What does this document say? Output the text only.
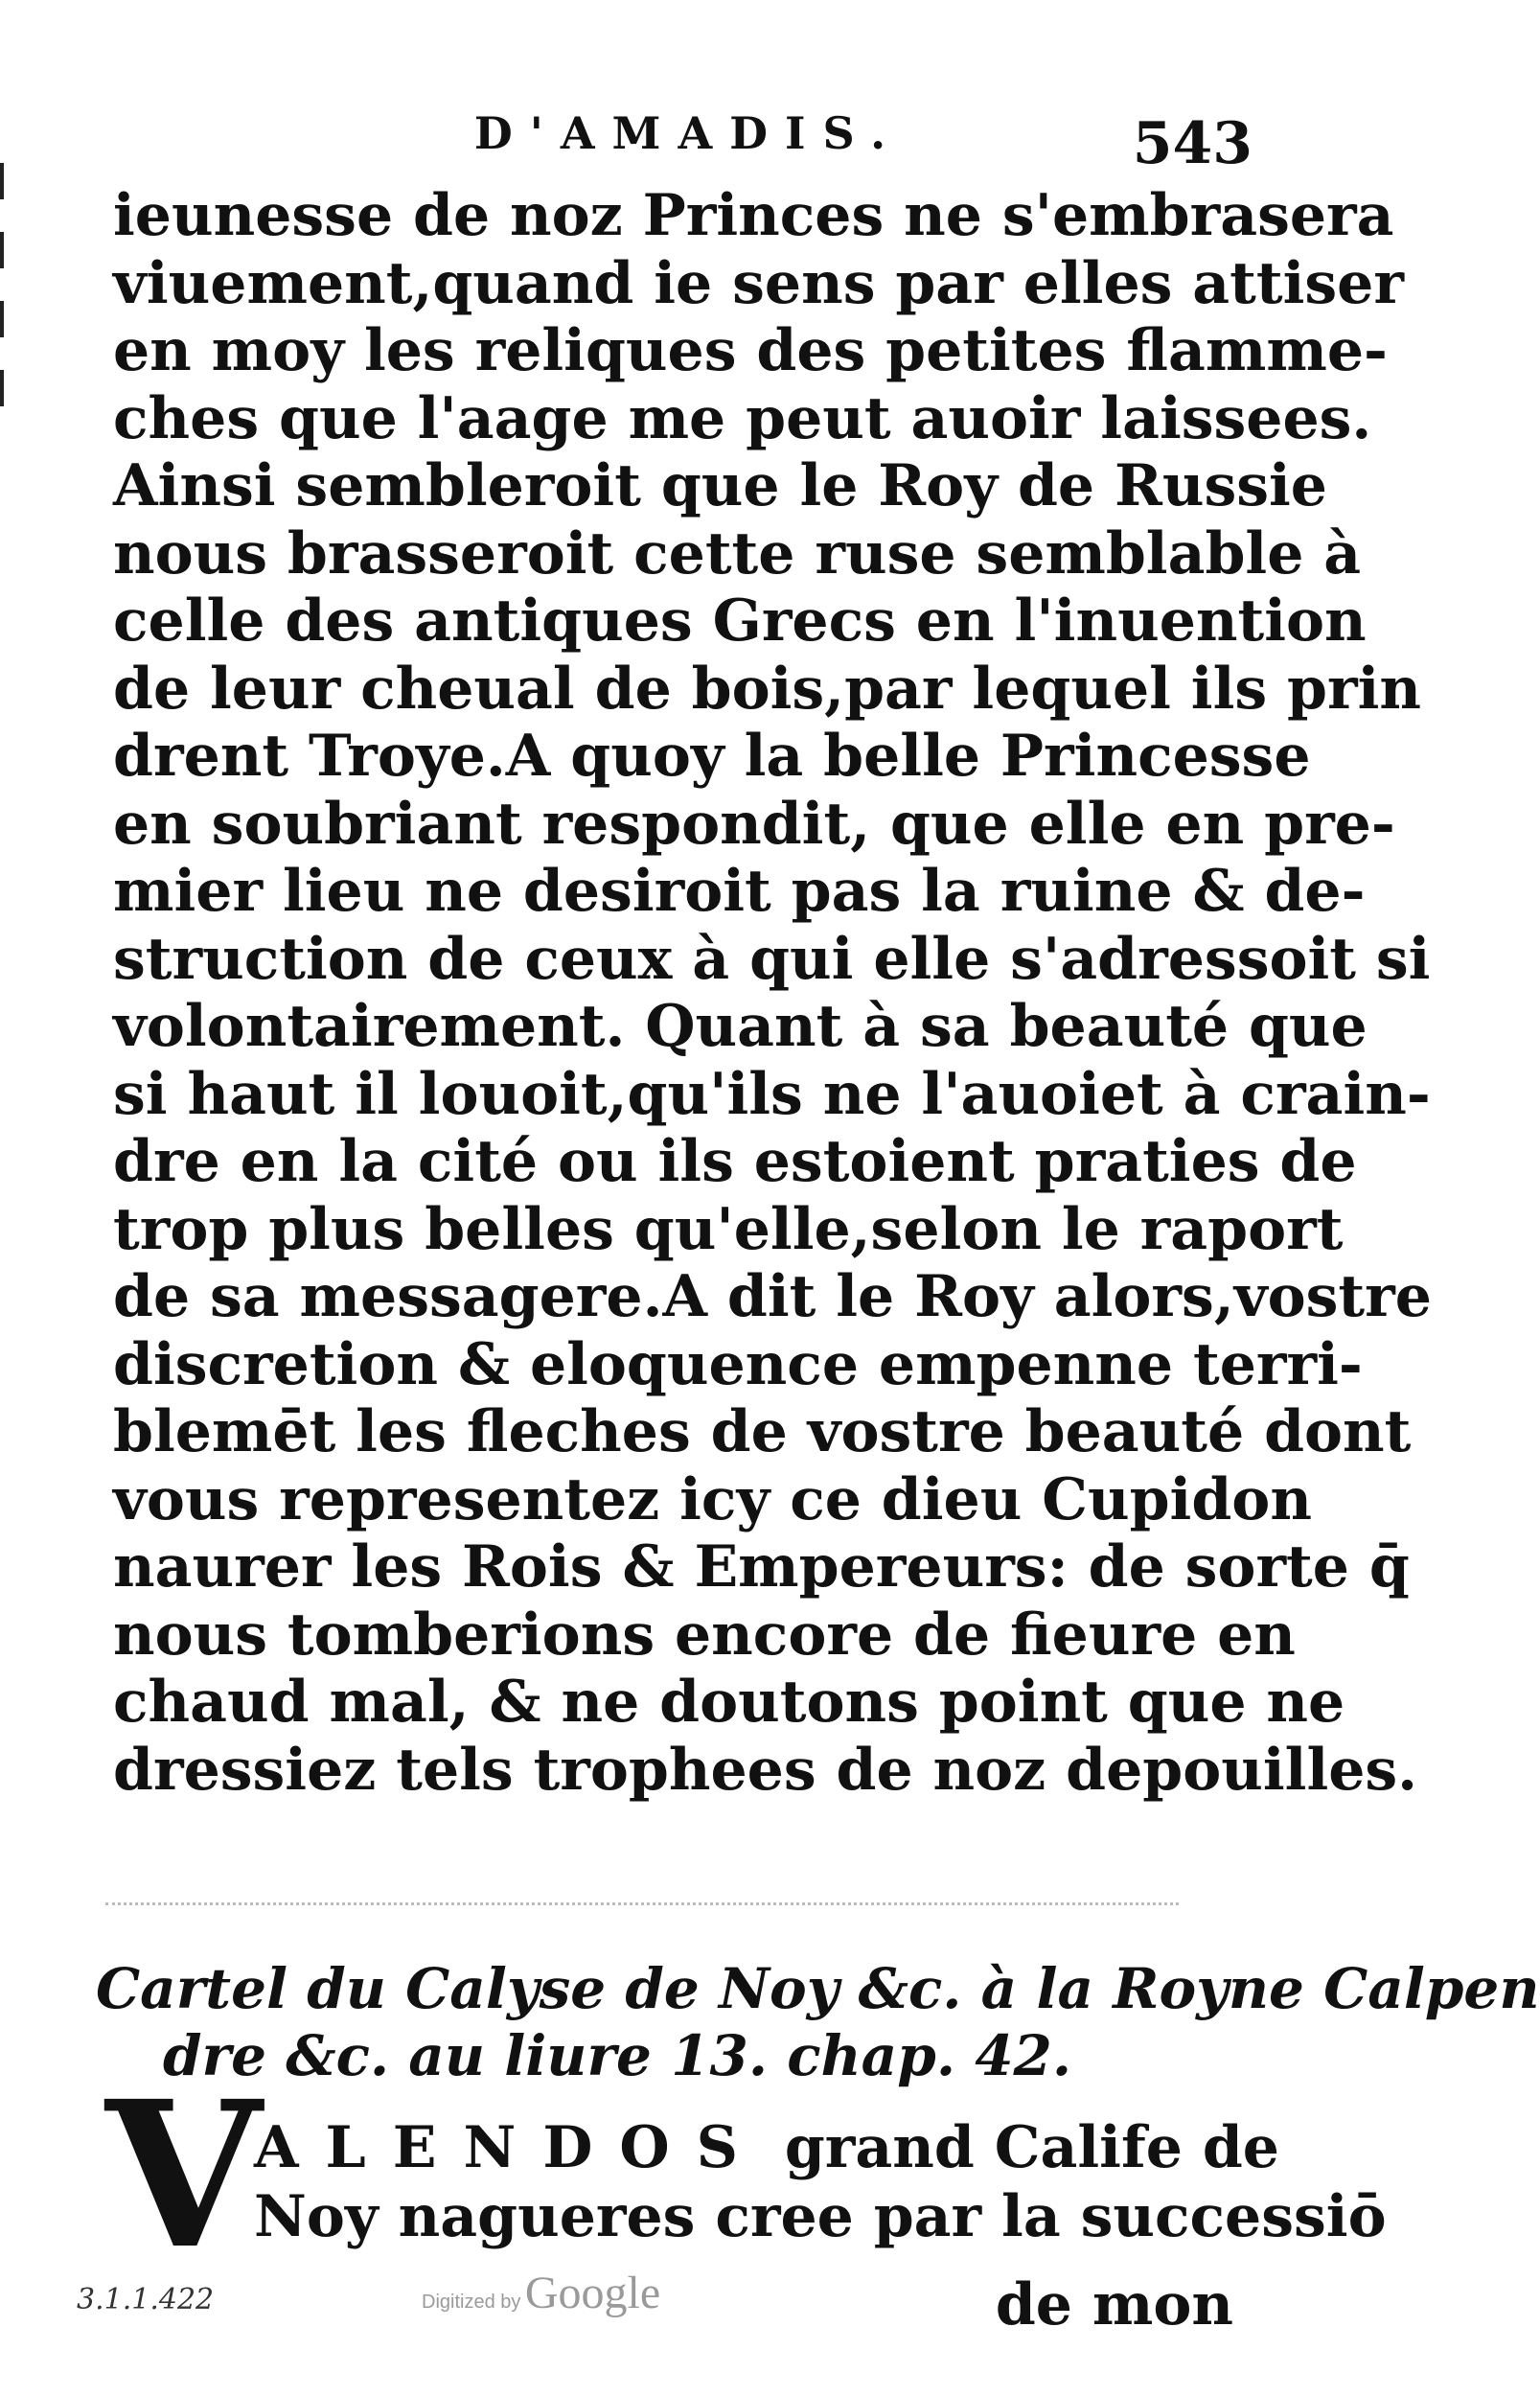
D'AMADIS.	543
ieunesse de noz Princes ne s'embrasera
viuement,quand ie sens par elles attiser
en moy les reliques des petites flamme-
ches que l'aage me peut auoir laissees.
Ainsi sembleroit que le Roy de Russie
nous brasseroit cette ruse semblable à
celle des antiques Grecs en l'inuention
de leur cheual de bois,par lequel ils prin
drent Troye.A quoy la belle Princesse
en soubriant respondit, que elle en pre-
mier lieu ne desiroit pas la ruine & de-
struction de ceux à qui elle s'adressoit si
volontairement. Quant à sa beauté que
si haut il louoit,qu'ils ne l'auoiet à crain-
dre en la cité ou ils estoient praties de
trop plus belles qu'elle,selon le raport
de sa messagere.A dit le Roy alors,vostre
discretion & eloquence empenne terri-
blemēt les fleches de vostre beauté dont
vous representez icy ce dieu Cupidon
naurer les Rois & Empereurs: de sorte q̄
nous tomberions encore de fieure en
chaud mal, & ne doutons point que ne
dressiez tels trophees de noz depouilles.
Cartel du Calyse de Noy &c. à la Royne Calpen
dre &c. au liure 13. chap. 42.
V
ALENDOS grand Calife de
Noy nagueres cree par la successiō
3.1.1.422	Digitized by Google	de mon
